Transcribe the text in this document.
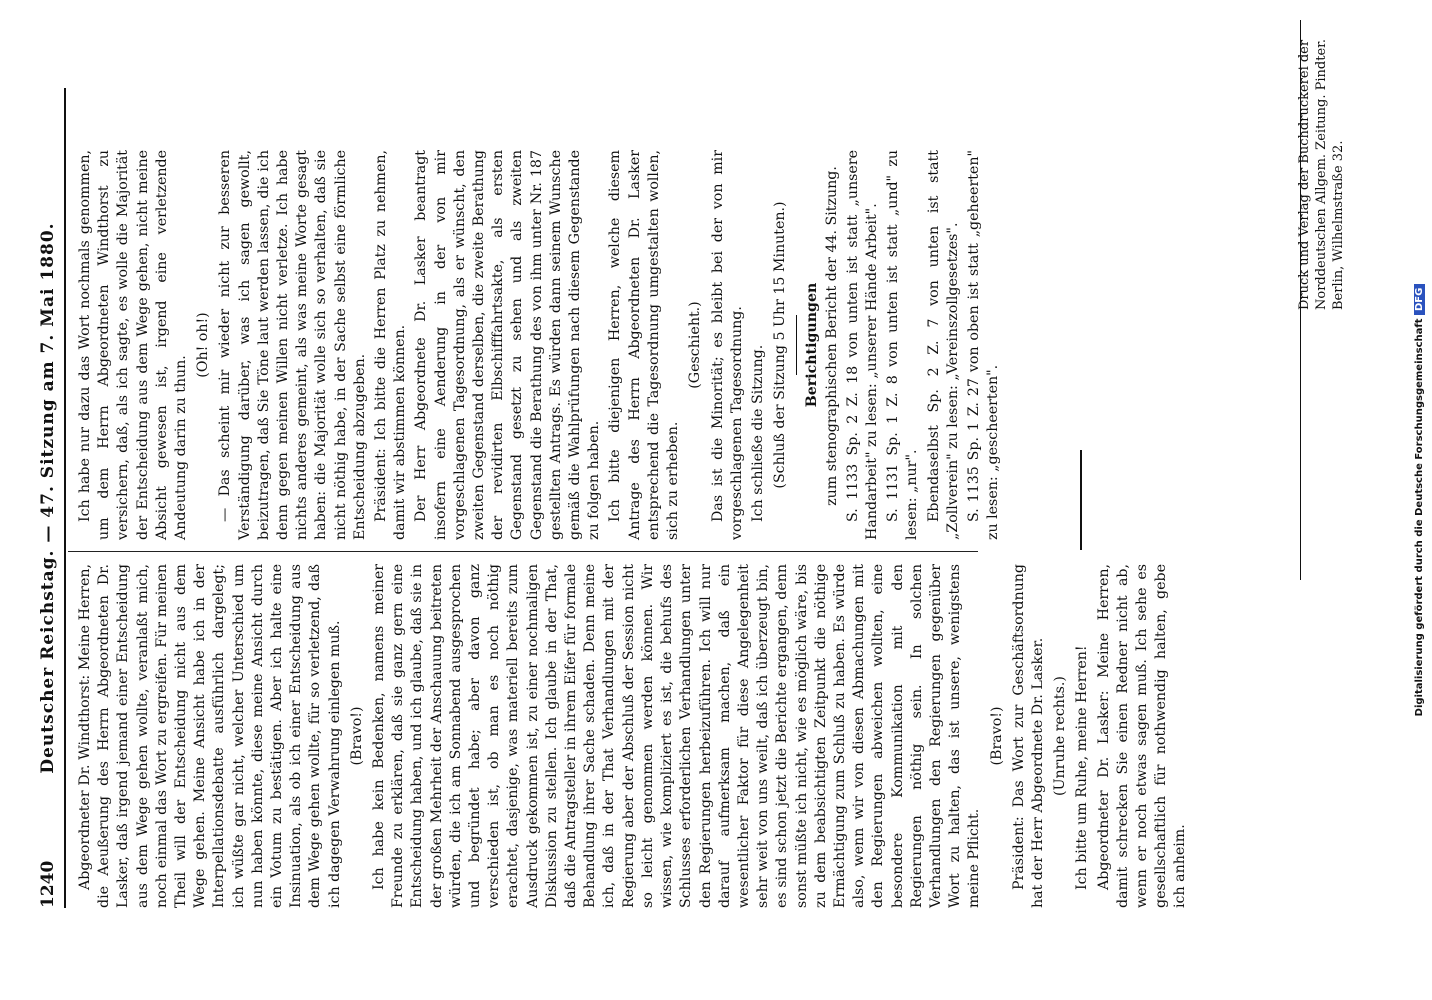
1240
Deutscher Reichstag. — 47. Sitzung am 7. Mai 1880. Abgeordneter Dr. Windthorst: Meine Herren, die Aeußerung des Herrn Abgeordneten Dr. Lasker, daß irgend jemand einer Entscheidung aus dem Wege gehen wollte, veranlaßt mich, noch einmal das Wort zu ergreifen. Für meinen Theil will der Entscheidung nicht aus dem Wege gehen. Meine Ansicht habe ich in der Interpellationsdebatte ausführlich dargelegt; ich wüßte gar nicht, welcher Unterschied um nun haben könnte, diese meine Ansicht durch ein Votum zu bestätigen. Aber ich halte eine Insinuation, als ob ich einer Entscheidung aus dem Wege gehen wollte, für so verletzend, daß ich dagegen Verwahrung einlegen muß. (Bravo!) Ich habe kein Bedenken, namens meiner Freunde zu erklären, daß sie ganz gern eine Entscheidung haben, und ich glaube, daß sie in der großen Mehrheit der Anschauung beitreten würden, die ich am Sonnabend ausgesprochen und begründet habe; aber davon ganz verschieden ist, ob man es noch nöthig erachtet, dasjenige, was materiell bereits zum Ausdruck gekommen ist, zu einer nochmaligen Diskussion zu stellen. Ich glaube in der That, daß die Antragsteller in ihrem Eifer für formale Behandlung ihrer Sache schaden. Denn meine ich, daß in der That Verhandlungen mit der Regierung aber der Abschluß der Session nicht so leicht genommen werden können. Wir wissen, wie kompliziert es ist, die behufs des Schlusses erforderlichen Verhandlungen unter den Regierungen herbeizuführen. Ich will nur darauf aufmerksam machen, daß ein wesentlicher Faktor für diese Angelegenheit sehr weit von uns weilt, daß ich überzeugt bin, es sind schon jetzt die Berichte ergangen, denn sonst müßte ich nicht, wie es möglich wäre, bis zu dem beabsichtigten Zeitpunkt die nöthige Ermächtigung zum Schluß zu haben. Es würde also, wenn wir von diesen Abmachungen mit den Regierungen abweichen wollten, eine besondere Kommunikation mit den Regierungen nöthig sein. In solchen Verhandlungen den Regierungen gegenüber Wort zu halten, das ist unsere, wenigstens meine Pflicht.

(Bravo!) Präsident: Das Wort zur Geschäftsordnung hat der Herr Abgeordnete Dr. Lasker. (Unruhe rechts.) Ich bitte um Ruhe, meine Herren! Abgeordneter Dr. Lasker: Meine Herren, damit schrecken Sie einen Redner nicht ab, wenn er noch etwas sagen muß. Ich sehe es gesellschaftlich für nothwendig halten, gebe ich anheim.

Ich habe nur dazu das Wort nochmals genommen, um dem Herrn Abgeordneten Windthorst zu versichern, daß, als ich sagte, es wolle die Majorität der Entscheidung aus dem Wege gehen, nicht meine Absicht gewesen ist, irgend eine verletzende Andeutung darin zu thun.

(Oh! oh!) — Das scheint mir wieder nicht zur besseren Verständigung darüber, was ich sagen gewollt, beizutragen, daß Sie Töne laut werden lassen, die ich denn gegen meinen Willen nicht verletze. Ich habe nichts anderes gemeint, als was meine Worte gesagt haben: die Majorität wolle sich so verhalten, daß sie nicht nöthig habe, in der Sache selbst eine förmliche Entscheidung abzugeben. Präsident: Ich bitte die Herren Platz zu nehmen, damit wir abstimmen können. Der Herr Abgeordnete Dr. Lasker beantragt insofern eine Aenderung in der von mir vorgeschlagenen Tagesordnung, als er wünscht, den zweiten Gegenstand derselben, die zweite Berathung der revidirten Elbschifffahrtsakte, als ersten Gegenstand gesetzt zu sehen und als zweiten Gegenstand die Berathung des von ihm unter Nr. 187 gestellten Antrags. Es würden dann seinem Wunsche gemäß die Wahlprüfungen nach diesem Gegenstande zu folgen haben. Ich bitte diejenigen Herren, welche diesem Antrage des Herrn Abgeordneten Dr. Lasker entsprechend die Tagesordnung umgestalten wollen, sich zu erheben.

(Geschieht.) Das ist die Minorität; es bleibt bei der von mir vorgeschlagenen Tagesordnung. Ich schließe die Sitzung. (Schluß der Sitzung 5 Uhr 15 Minuten.) Berichtigungen zum stenographischen Bericht der 44. Sitzung. S. 1133 Sp. 2 Z. 18 von unten ist statt „unsere Handarbeit" zu lesen: „unserer Hände Arbeit". S. 1131 Sp. 1 Z. 8 von unten ist statt „und" zu lesen: „nur". Ebendaselbst Sp. 2 Z. 7 von unten ist statt „Zollverein" zu lesen: „Vereinszollgesetzes". S. 1135 Sp. 1 Z. 27 von oben ist statt „geheerten" zu lesen: „gescheerten".

Druck und Verlag der Buchdruckerei der Norddeutschen Allgem. Zeitung. Pindter. Berlin, Wilhelmstraße 32.

Digitalisierung gefördert durch die Deutsche Forschungsgemeinschaft DFG
